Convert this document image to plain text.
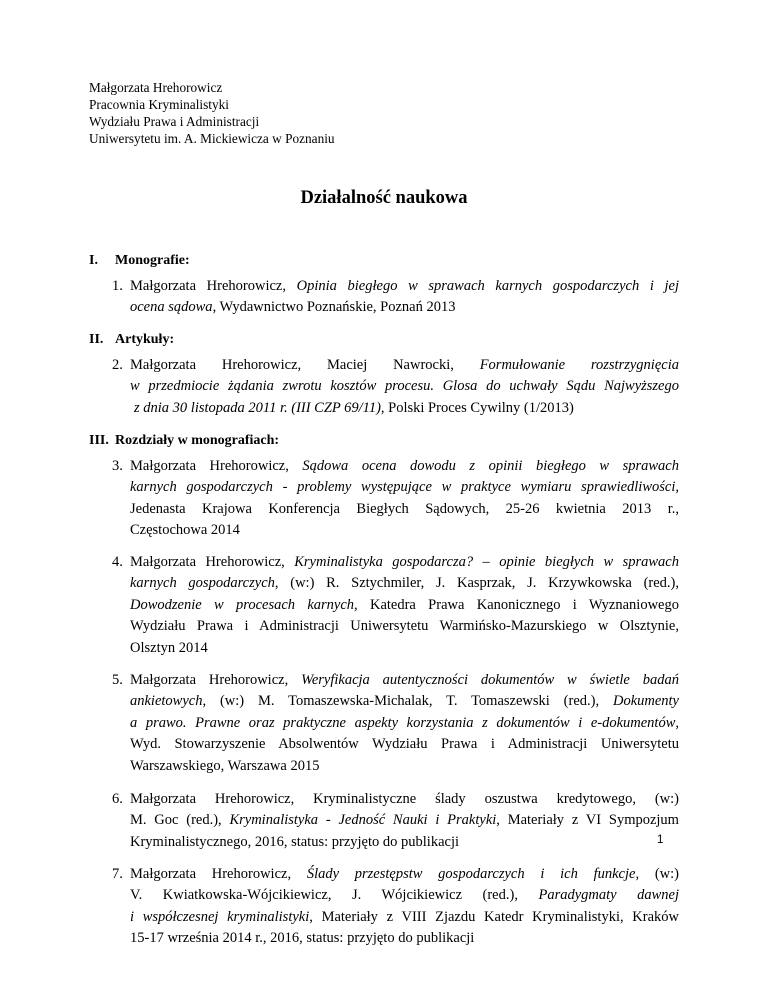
Małgorzata Hrehorowicz
Pracownia Kryminalistyki
Wydziału Prawa i Administracji
Uniwersytetu im. A. Mickiewicza w Poznaniu
Działalność naukowa
I. Monografie:
1. Małgorzata Hrehorowicz, Opinia biegłego w sprawach karnych gospodarczych i jej
ocena sądowa, Wydawnictwo Poznańskie, Poznań 2013
II. Artykuły:
2. Małgorzata Hrehorowicz, Maciej Nawrocki, Formułowanie rozstrzygnięcia
w przedmiocie żądania zwrotu kosztów procesu. Glosa do uchwały Sądu Najwyższego
z dnia 30 listopada 2011 r. (III CZP 69/11), Polski Proces Cywilny (1/2013)
III. Rozdziały w monografiach:
3. Małgorzata Hrehorowicz, Sądowa ocena dowodu z opinii biegłego w sprawach
karnych gospodarczych - problemy występujące w praktyce wymiaru sprawiedliwości,
Jedenasta Krajowa Konferencja Biegłych Sądowych, 25-26 kwietnia 2013 r.,
Częstochowa 2014
4. Małgorzata Hrehorowicz, Kryminalistyka gospodarcza? – opinie biegłych w sprawach
karnych gospodarczych, (w:) R. Sztychmiler, J. Kasprzak, J. Krzywkowska (red.),
Dowodzenie w procesach karnych, Katedra Prawa Kanonicznego i Wyznaniowego
Wydziału Prawa i Administracji Uniwersytetu Warmińsko-Mazurskiego w Olsztynie,
Olsztyn 2014
5. Małgorzata Hrehorowicz, Weryfikacja autentyczności dokumentów w świetle badań
ankietowych, (w:) M. Tomaszewska-Michalak, T. Tomaszewski (red.), Dokumenty
a prawo. Prawne oraz praktyczne aspekty korzystania z dokumentów i e-dokumentów,
Wyd. Stowarzyszenie Absolwentów Wydziału Prawa i Administracji Uniwersytetu
Warszawskiego, Warszawa 2015
6. Małgorzata Hrehorowicz, Kryminalistyczne ślady oszustwa kredytowego, (w:)
M. Goc (red.), Kryminalistyka - Jedność Nauki i Praktyki, Materiały z VI Sympozjum
Kryminalistycznego, 2016, status: przyjęto do publikacji
7. Małgorzata Hrehorowicz, Ślady przestępstw gospodarczych i ich funkcje, (w:)
V. Kwiatkowska-Wójcikiewicz, J. Wójcikiewicz (red.), Paradygmaty dawnej
i współczesnej kryminalistyki, Materiały z VIII Zjazdu Katedr Kryminalistyki, Kraków
15-17 września 2014 r., 2016, status: przyjęto do publikacji
1
